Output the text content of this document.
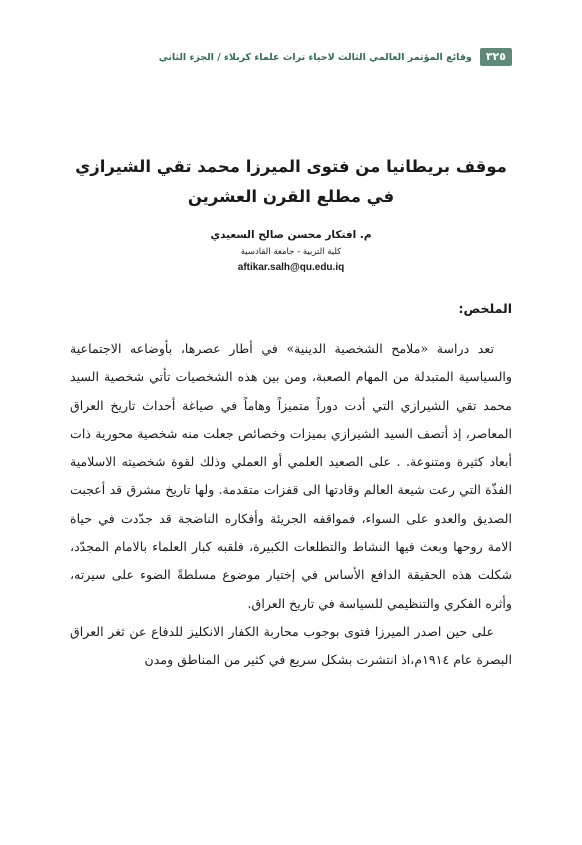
٣٢٥
وقائع المؤتمر العالمي الثالث لاحياء تراث علماء كربلاء / الجزء الثاني
موقف بريطانيا من فتوى الميرزا محمد تقي الشيرازي في مطلع القرن العشرين
م. افتكار محسن صالح السعيدي
كلية التربية - جامعة القادسية
aftikar.salh@qu.edu.iq
الملخص:

تعد دراسة «ملامح الشخصية الدينية» في أطار عصرها، بأوضاعه الاجتماعية والسياسية المتبدلة من المهام الصعبة، ومن بين هذه الشخصيات تأتي شخصية السيد محمد تقي الشيرازي التي أدت دوراً متميزاً وهاماً في صياغة أحداث تاريخ العراق المعاصر، إذ أتصف السيد الشيرازي بميزات وخصائص جعلت منه شخصية محورية ذات أبعاد كثيرة ومتنوعة. . على الصعيد العلمي أو العملي وذلك لقوة شخصيته الاسلامية الفذّة التي رعت شيعة العالم وقادتها الى قفزات متقدمة. ولها تاريخ مشرق قد أعجبت الصديق والعدو على السواء، فمواقفه الجريئة وأفكاره الناضجة قد جدّدت في حياة الامة روحها وبعث فيها النشاط والتطلعات الكبيرة، فلقبه كبار العلماء بالامام المجدّد، شكلت هذه الحقيقة الدافع الأساس في إختيار موضوع مسلطةً الضوء على سيرته، وأثره الفكري والتنظيمي للسياسة في تاريخ العراق.

على حين اصدر الميرزا فتوى بوجوب محاربة الكفار الانكليز للدفاع عن ثغر العراق البصرة عام ١٩١٤م،اذ انتشرت بشكل سريع في كثير من المناطق ومدن
